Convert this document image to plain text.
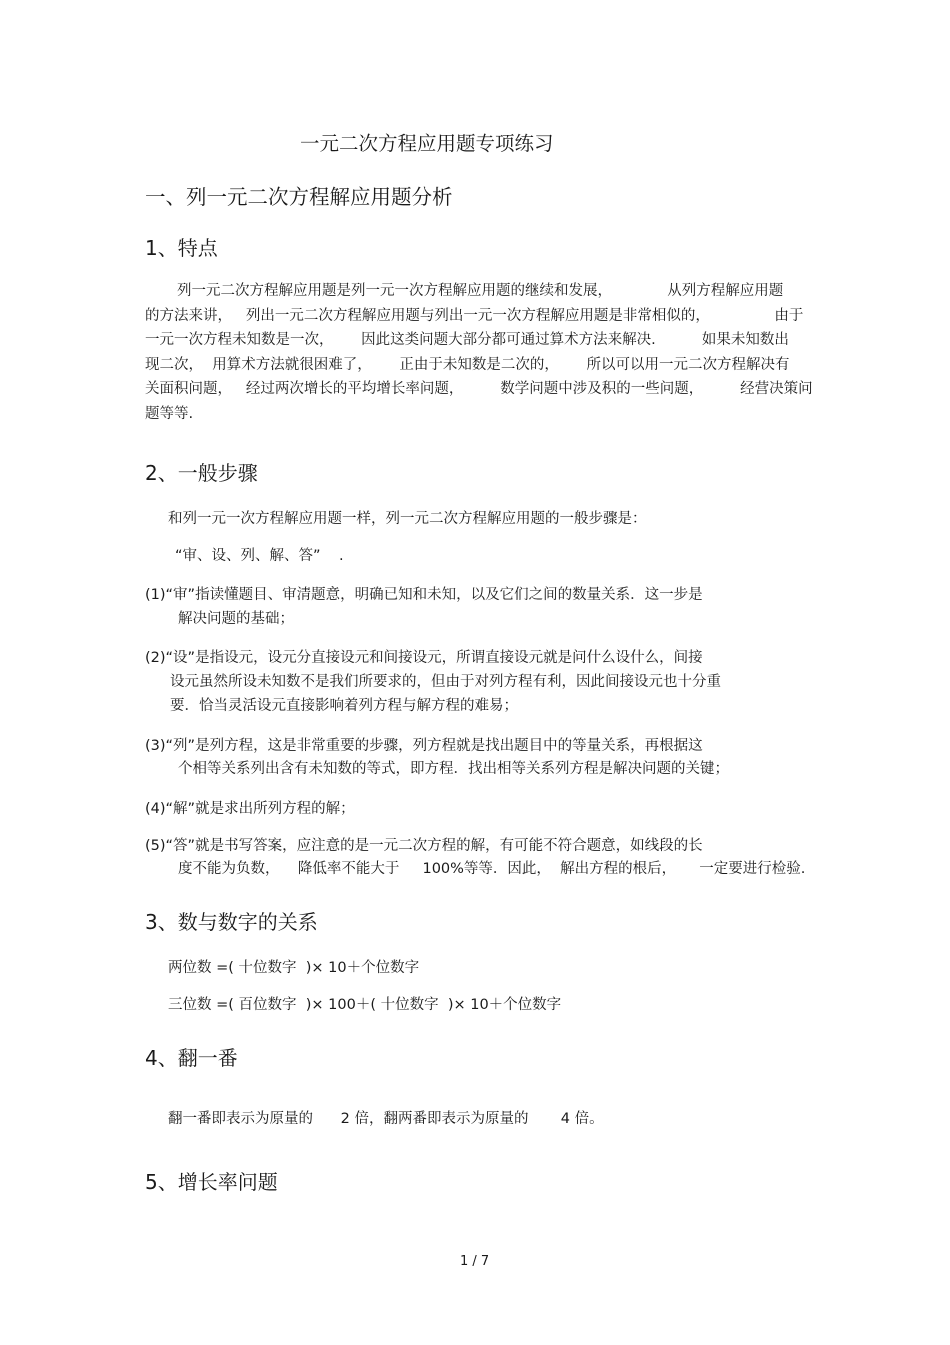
一元二次方程应用题专项练习
一、列一元二次方程解应用题分析
1、特点
列一元二次方程解应用题是列一元一次方程解应用题的继续和发展，            从列方程解应用题
的方法来讲，   列出一元二次方程解应用题与列出一元一次方程解应用题是非常相似的，              由于
一元一次方程未知数是一次，      因此这类问题大部分都可通过算术方法来解决.          如果未知数出
现二次，  用算术方法就很困难了，      正由于未知数是二次的，      所以可以用一元二次方程解决有
关面积问题，   经过两次增长的平均增长率问题，        数学问题中涉及积的一些问题，        经营决策问
题等等.
2、一般步骤
和列一元一次方程解应用题一样，列一元二次方程解应用题的一般步骤是：
“审、设、列、解、答”    .
(1)“审”指读懂题目、审清题意，明确已知和未知，以及它们之间的数量关系．这一步是
解决问题的基础；
(2)“设”是指设元，设元分直接设元和间接设元，所谓直接设元就是问什么设什么，间接
设元虽然所设未知数不是我们所要求的，但由于对列方程有利，因此间接设元也十分重
要．恰当灵活设元直接影响着列方程与解方程的难易；
(3)“列”是列方程，这是非常重要的步骤，列方程就是找出题目中的等量关系，再根据这
个相等关系列出含有未知数的等式，即方程．找出相等关系列方程是解决问题的关键；
(4)“解”就是求出所列方程的解；
(5)“答”就是书写答案，应注意的是一元二次方程的解，有可能不符合题意，如线段的长
度不能为负数，    降低率不能大于     100%等等．因此，  解出方程的根后，     一定要进行检验.
3、数与数字的关系
两位数 =( 十位数字  )× 10＋个位数字
三位数 =( 百位数字  )× 100＋( 十位数字  )× 10＋个位数字
4、翻一番
翻一番即表示为原量的      2 倍，翻两番即表示为原量的       4 倍。
5、增长率问题
1 / 7
